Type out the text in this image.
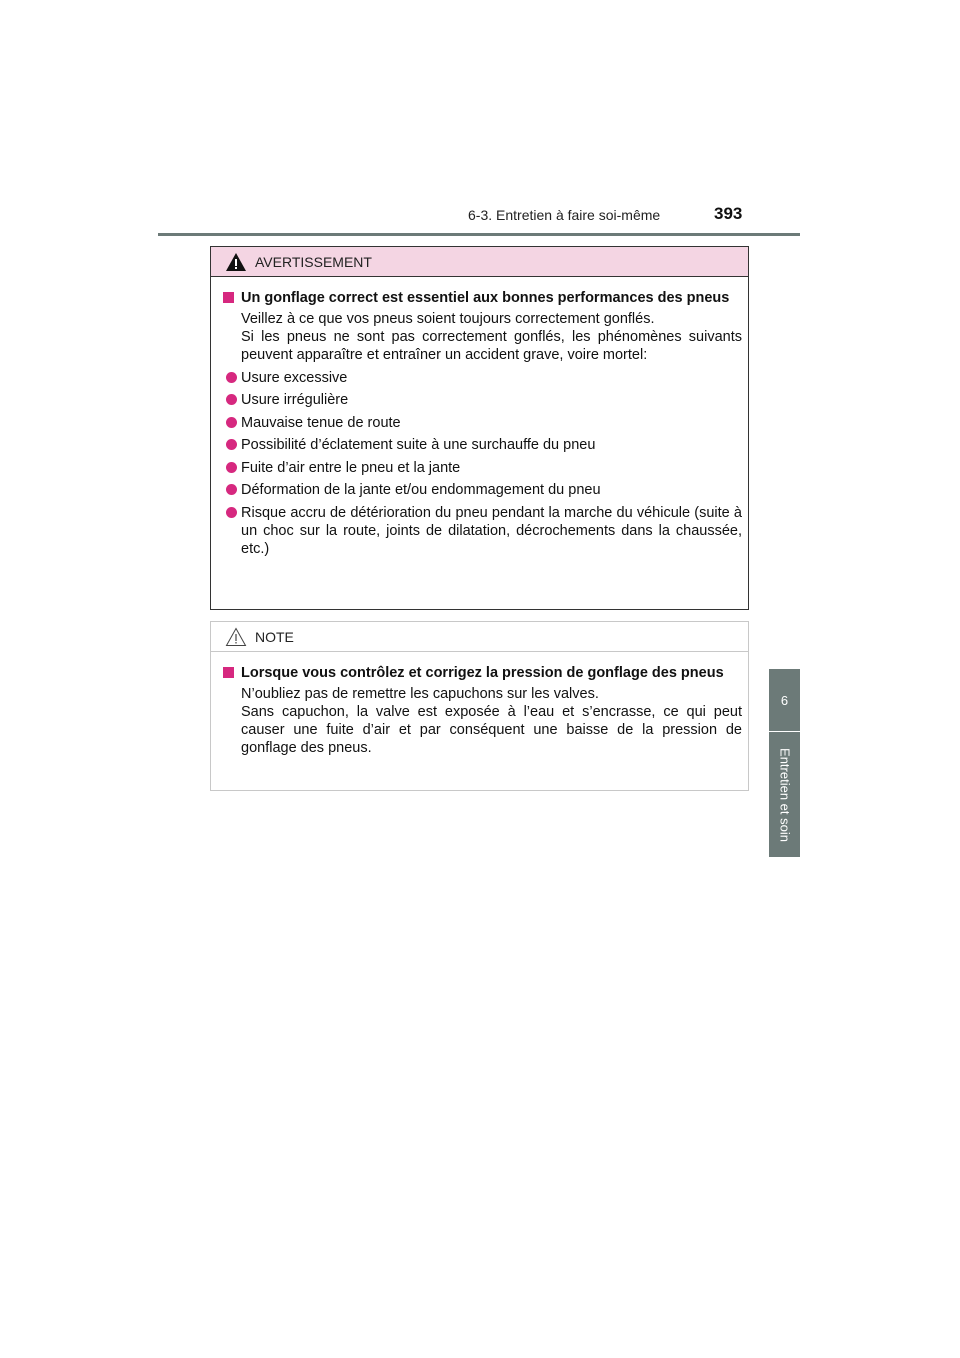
6-3. Entretien à faire soi-même	393
6
Entretien et soin
AVERTISSEMENT
Un gonflage correct est essentiel aux bonnes performances des pneus
Veillez à ce que vos pneus soient toujours correctement gonflés.
Si les pneus ne sont pas correctement gonflés, les phénomènes suivants peuvent apparaître et entraîner un accident grave, voire mortel:
Usure excessive
Usure irrégulière
Mauvaise tenue de route
Possibilité d’éclatement suite à une surchauffe du pneu
Fuite d’air entre le pneu et la jante
Déformation de la jante et/ou endommagement du pneu
Risque accru de détérioration du pneu pendant la marche du véhicule (suite à un choc sur la route, joints de dilatation, décrochements dans la chaussée, etc.)
NOTE
Lorsque vous contrôlez et corrigez la pression de gonflage des pneus
N’oubliez pas de remettre les capuchons sur les valves.
Sans capuchon, la valve est exposée à l’eau et s’encrasse, ce qui peut causer une fuite d’air et par conséquent une baisse de la pression de gonflage des pneus.
